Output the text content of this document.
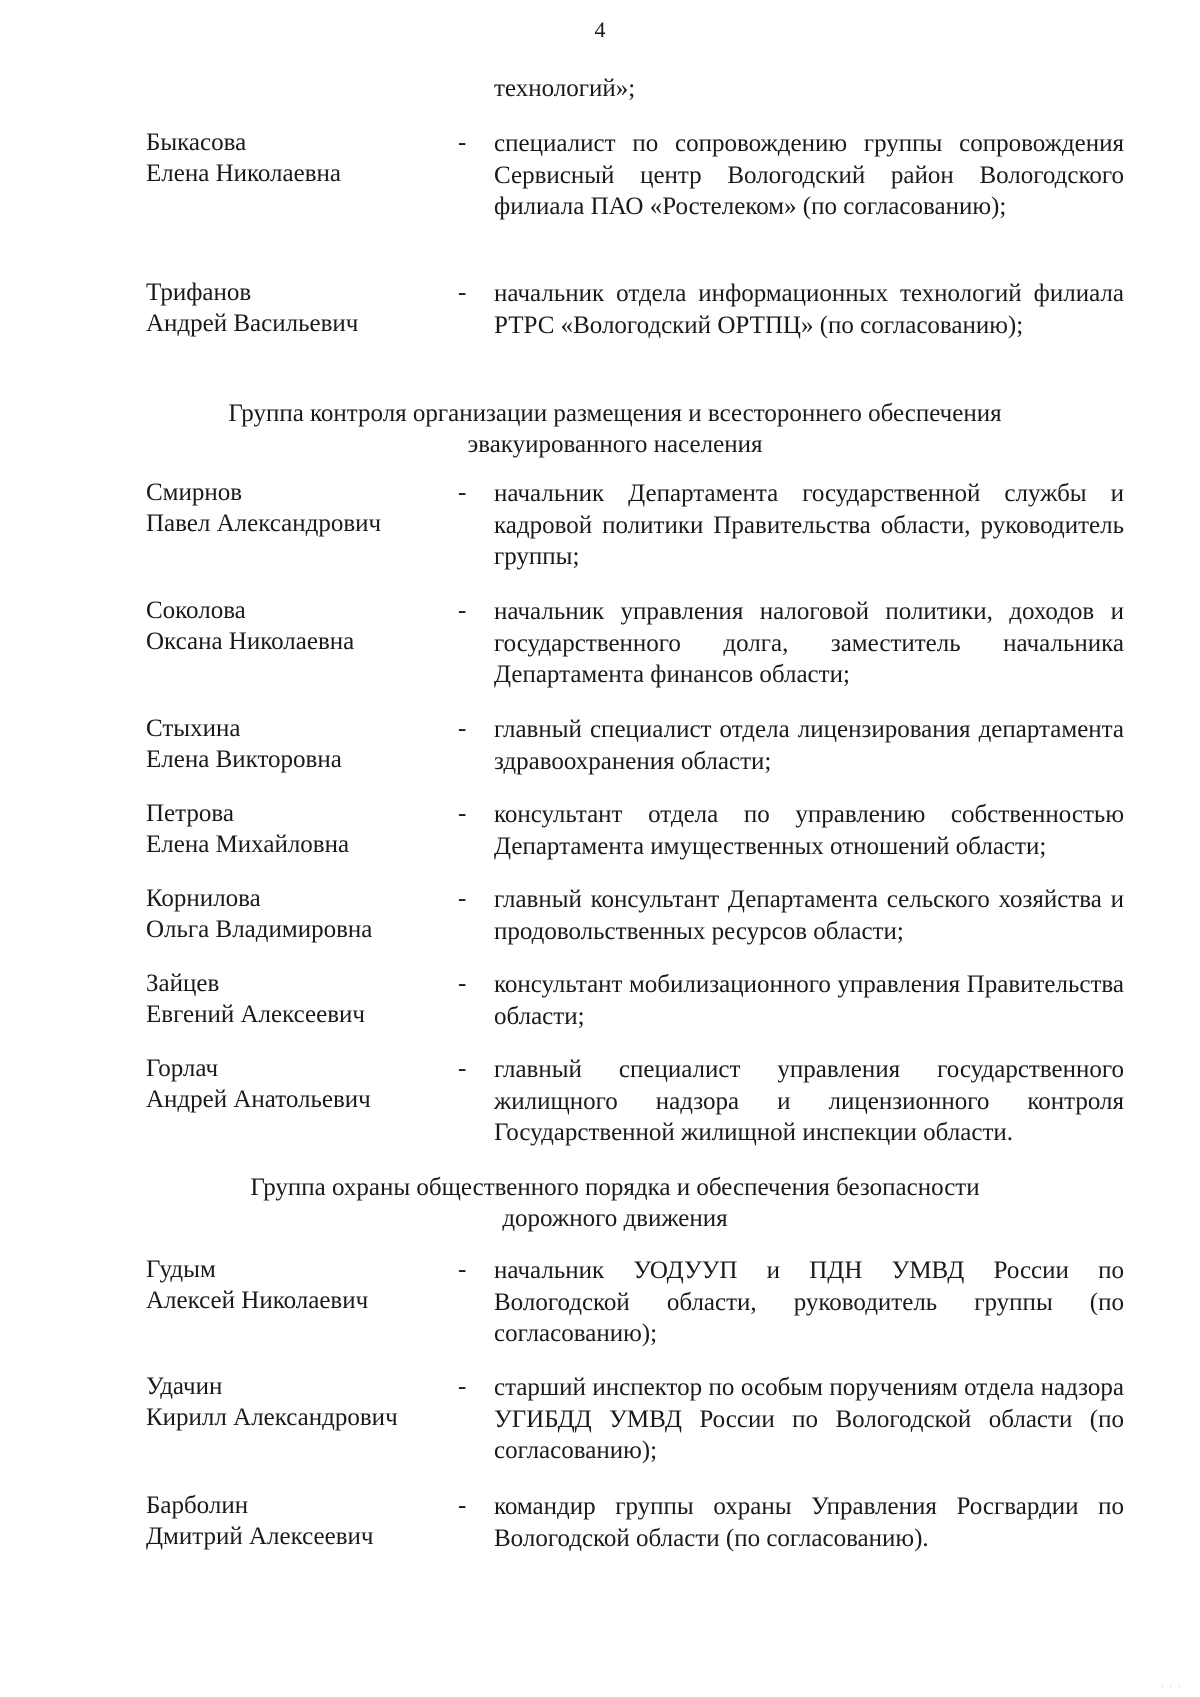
4
технологий»;
Быкасова
Елена Николаевна
- специалист по сопровождению группы сопровождения Сервисный центр Вологодский район Вологодского филиала ПАО «Ростелеком» (по согласованию);
Трифанов
Андрей Васильевич
- начальник отдела информационных технологий филиала РТРС «Вологодский ОРТПЦ» (по согласованию);
Группа контроля организации размещения и всестороннего обеспечения
эвакуированного населения
Смирнов
Павел Александрович
- начальник Департамента государственной службы и кадровой политики Правительства области, руководитель группы;
Соколова
Оксана Николаевна
- начальник управления налоговой политики, доходов и государственного долга, заместитель начальника Департамента финансов области;
Стыхина
Елена Викторовна
- главный специалист отдела лицензирования департамента здравоохранения области;
Петрова
Елена Михайловна
- консультант отдела по управлению собственностью Департамента имущественных отношений области;
Корнилова
Ольга Владимировна
- главный консультант Департамента сельского хозяйства и продовольственных ресурсов области;
Зайцев
Евгений Алексеевич
- консультант мобилизационного управления Правительства области;
Горлач
Андрей Анатольевич
- главный специалист управления государственного жилищного надзора и лицензионного контроля Государственной жилищной инспекции области.
Группа охраны общественного порядка и обеспечения безопасности
дорожного движения
Гудым
Алексей Николаевич
- начальник УОДУУП и ПДН УМВД России по Вологодской области, руководитель группы (по согласованию);
Удачин
Кирилл Александрович
- старший инспектор по особым поручениям отдела надзора УГИБДД УМВД России по Вологодской области (по согласованию);
Барболин
Дмитрий Алексеевич
- командир группы охраны Управления Росгвардии по Вологодской области (по согласованию).
· · ·
